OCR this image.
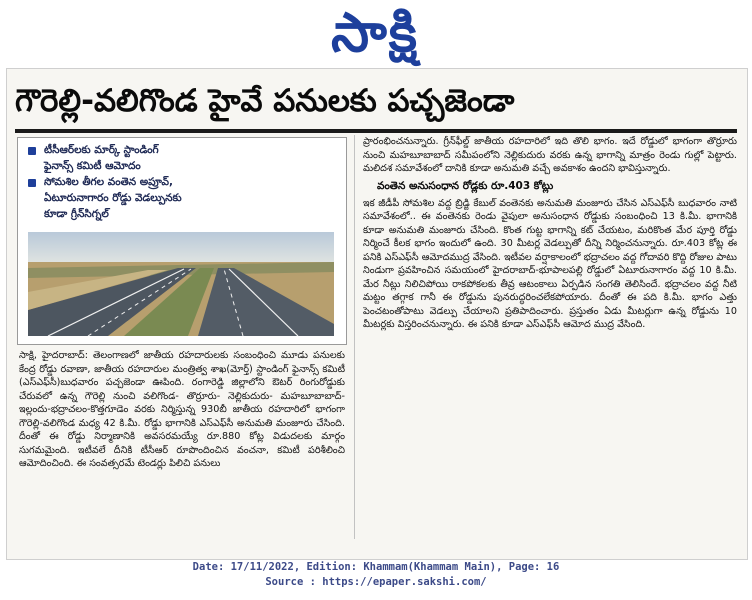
సాక్షి
గౌరెల్లి-వలిగొండ హైవే పనులకు పచ్చజెండా
టీసీఆర్‌లకు మార్క్ స్టాండింగ్
ఫైనాన్స్ కమిటీ ఆమోదం
సోమశిల తీగల వంతెన అప్రూవ్,
ఏటూరునాగారం రోడ్డు వెడల్పునకు
కూడా గ్రీన్‌సిగ్నల్

సాక్షి, హైదరాబాద్: తెలంగాణలో జాతీయ రహదారులకు సంబంధించి మూడు పనులకు కేంద్ర రోడ్డు రవాణా, జాతీయ రహదారుల మంత్రిత్వ శాఖ(మోర్త్) స్టాండింగ్ ఫైనాన్స్ కమిటీ (ఎస్ఎఫ్‌సీ)బుధవారం పచ్చజెండా ఊపింది. రంగారెడ్డి జిల్లాలోని ఔటర్ రింగురోడ్డుకు చేరువలో ఉన్న గౌరెల్లి నుంచి వలిగొండ- తొర్రూరు- నెల్లికుదురు- మహబూబాబాద్- ఇల్లందు-భద్రాచలం-కొత్తగూడెం వరకు నిర్మిస్తున్న 930బీ జాతీయ రహదారిలో భాగంగా గౌరెల్లి-వలిగొండ మధ్య 42 కి.మీ. రోడ్డు భాగానికి ఎస్ఎఫ్‌సీ అనుమతి మంజూరు చేసింది. దీంతో ఈ రోడ్డు నిర్మాణానికి అవసరమయ్యే రూ.880 కోట్ల విడుదలకు మార్గం సుగమమైంది. ఇటీవలే దీనికి టీసీఆర్ రూపొందించిన వంచనా, కమిటీ పరిశీలించి ఆమోదించింది. ఈ సంవత్సరమే టెండర్లు పిలిచి పనులు

ప్రారంభించనున్నారు. గ్రీన్‌ఫీల్డ్ జాతీయ రహదారిలో ఇది తొలి భాగం. ఇదే రోడ్డులో భాగంగా తొర్రూరు నుంచి మహబూబాబాద్ సమీపంలోని నెల్లికుదురు వరకు ఉన్న భాగాన్ని మాత్రం రెండు గుల్లో పెట్టారు. మలిదశ సమావేశంలో దానికి కూడా అనుమతి వచ్చే అవకాశం ఉందని భావిస్తున్నారు.

వంతెన అనుసంధాన రోడ్లకు రూ.403 కోట్లు

ఇక జీడీపీ సోమశిల వద్ద బ్రిడ్జి కేబుల్ వంతెనకు అనుమతి మంజూరు చేసిన ఎస్ఎఫ్‌సీ బుధవారం నాటి సమావేశంలో.. ఈ వంతెనకు రెండు వైపులా అనుసంధాన రోడ్డుకు సంబంధించి 13 కి.మీ. భాగానికి కూడా అనుమతి మంజూరు చేసింది. కొంత గుట్ట భాగాన్ని కట్ చేయటం, మరికొంత మేర పూర్తి రోడ్డు నిర్మించే కీలక భాగం ఇందులో ఉంది. 30 మీటర్ల వెడల్పుతో దీన్ని నిర్మించనున్నారు. రూ.403 కోట్ల ఈ పనికి ఎస్ఎఫ్‌సీ ఆమోదముద్ర వేసింది. ఇటీవల వర్షాకాలంలో భద్రాచలం వద్ద గోదావరి కొద్ది రోజుల పాటు నిండుగా ప్రవహించిన సమయంలో హైదరాబాద్-భూపాలపల్లి రోడ్డులో ఏటూరునాగారం వద్ద 10 కి.మీ. మేర నీట్లు నిలిచిపోయి రాకపోకలకు తీవ్ర ఆటంకాలు ఏర్పడిన సంగతి తెలిసిందే. భద్రాచలం వద్ద నీటి మట్టం తగ్గాక గానీ ఈ రోడ్డును పునరుద్ధరించలేకపోయారు. దీంతో ఈ పది కి.మీ. భాగం ఎత్తు పెంచటంతోపాటు వెడల్పు చేయాలని ప్రతిపాదించారు. ప్రస్తుతం ఏడు మీటర్లుగా ఉన్న రోడ్డును 10 మీటర్లకు విస్తరించనున్నారు. ఈ పనికి కూడా ఎస్ఎఫ్‌సీ ఆమోద ముద్ర వేసింది.

Date: 17/11/2022, Edition: Khammam(Khammam Main), Page: 16
Source : https://epaper.sakshi.com/
